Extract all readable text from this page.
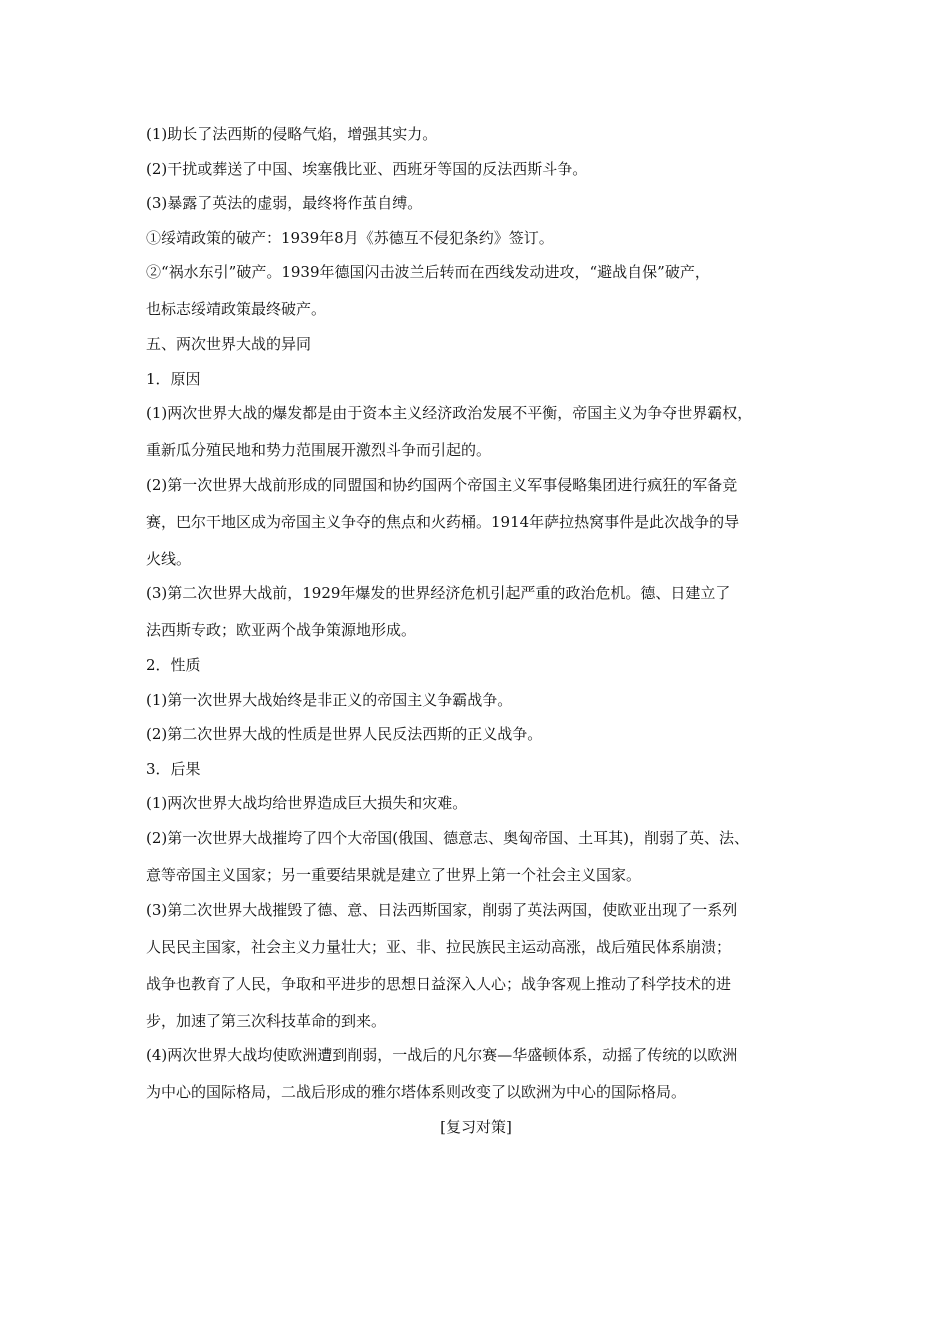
(1)助长了法西斯的侵略气焰，增强其实力。
(2)干扰或葬送了中国、埃塞俄比亚、西班牙等国的反法西斯斗争。
(3)暴露了英法的虚弱，最终将作茧自缚。
①绥靖政策的破产：1939年8月《苏德互不侵犯条约》签订。
②“祸水东引”破产。1939年德国闪击波兰后转而在西线发动进攻，“避战自保”破产，
也标志绥靖政策最终破产。
五、两次世界大战的异同
1．原因
(1)两次世界大战的爆发都是由于资本主义经济政治发展不平衡，帝国主义为争夺世界霸权，
重新瓜分殖民地和势力范围展开激烈斗争而引起的。
(2)第一次世界大战前形成的同盟国和协约国两个帝国主义军事侵略集团进行疯狂的军备竞
赛，巴尔干地区成为帝国主义争夺的焦点和火药桶。1914年萨拉热窝事件是此次战争的导
火线。
(3)第二次世界大战前，1929年爆发的世界经济危机引起严重的政治危机。德、日建立了
法西斯专政；欧亚两个战争策源地形成。
2．性质
(1)第一次世界大战始终是非正义的帝国主义争霸战争。
(2)第二次世界大战的性质是世界人民反法西斯的正义战争。
3．后果
(1)两次世界大战均给世界造成巨大损失和灾难。
(2)第一次世界大战摧垮了四个大帝国(俄国、德意志、奥匈帝国、土耳其)，削弱了英、法、
意等帝国主义国家；另一重要结果就是建立了世界上第一个社会主义国家。
(3)第二次世界大战摧毁了德、意、日法西斯国家，削弱了英法两国，使欧亚出现了一系列
人民民主国家，社会主义力量壮大；亚、非、拉民族民主运动高涨，战后殖民体系崩溃；
战争也教育了人民，争取和平进步的思想日益深入人心；战争客观上推动了科学技术的进
步，加速了第三次科技革命的到来。
(4)两次世界大战均使欧洲遭到削弱，一战后的凡尔赛—华盛顿体系，动摇了传统的以欧洲
为中心的国际格局，二战后形成的雅尔塔体系则改变了以欧洲为中心的国际格局。
[复习对策]
